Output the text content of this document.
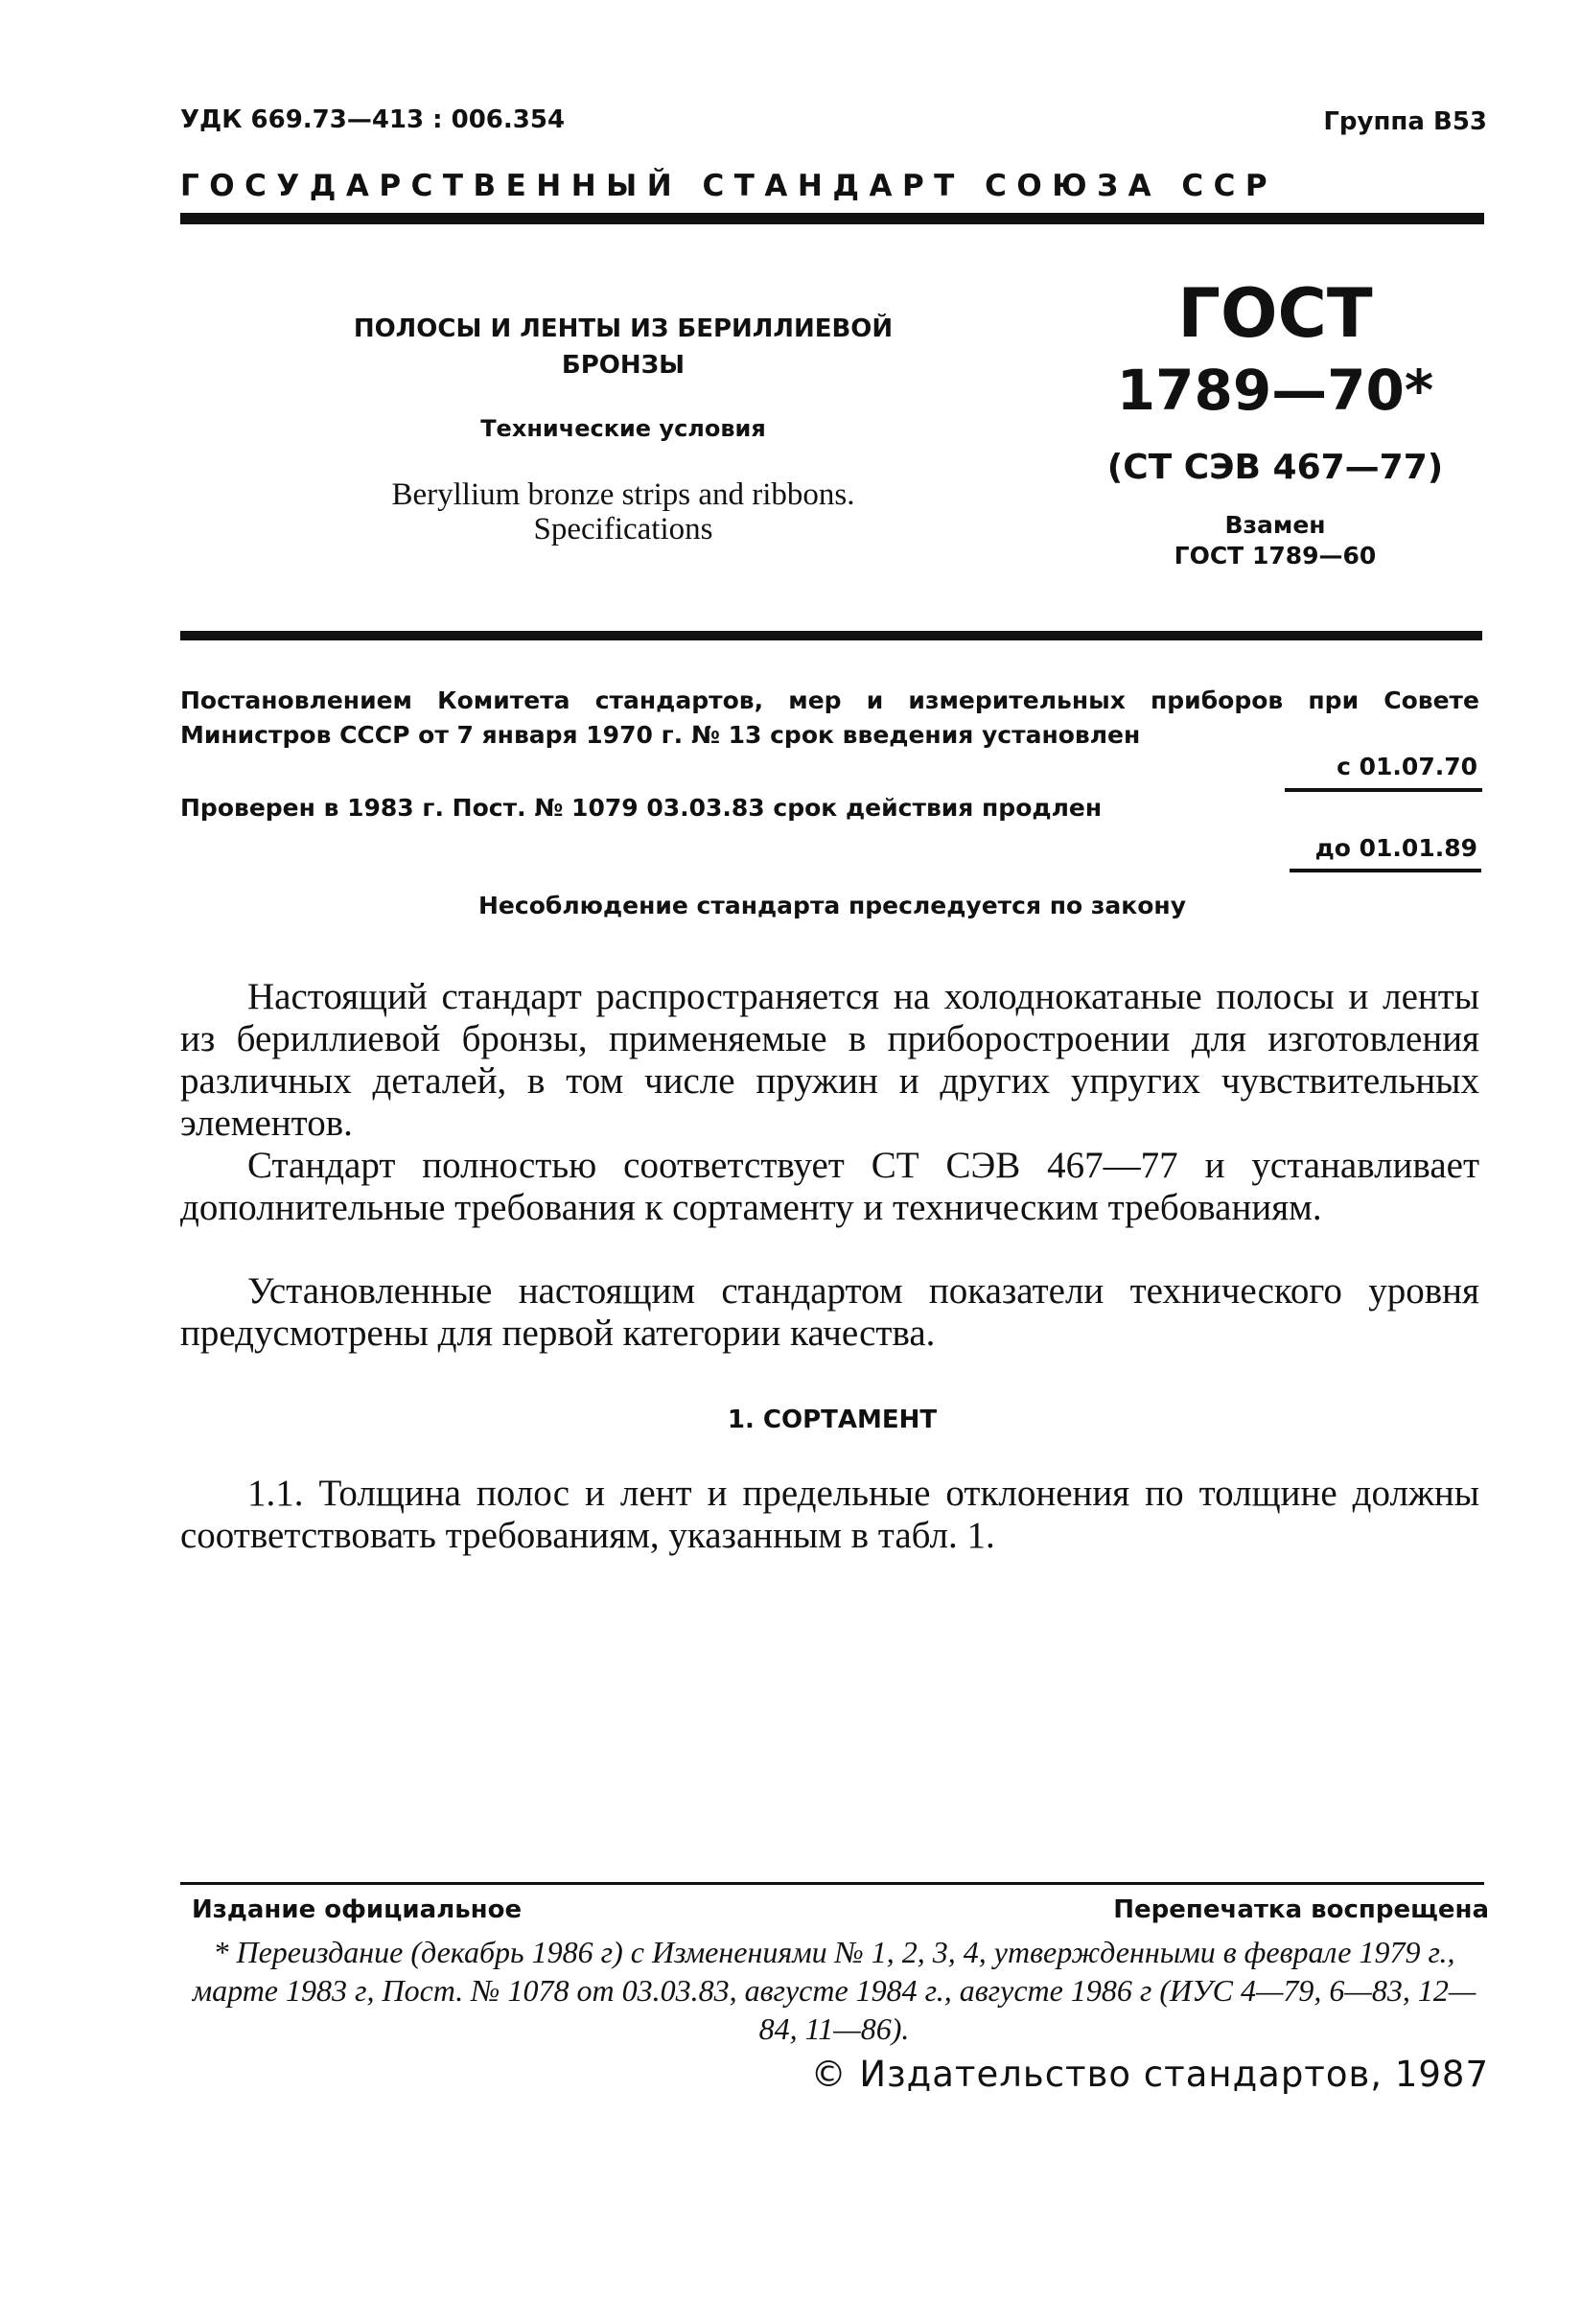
УДК 669.73—413 : 006.354	Группа В53
ГОСУДАРСТВЕННЫЙ СТАНДАРТ СОЮЗА ССР
ПОЛОСЫ И ЛЕНТЫ ИЗ БЕРИЛЛИЕВОЙ
БРОНЗЫ
Технические условия
Beryllium bronze strips and ribbons.
Specifications
ГОСТ
1789—70*
(СТ СЭВ 467—77)
Взамен
ГОСТ 1789—60
Постановлением Комитета стандартов, мер и измерительных приборов при Совете Министров СССР от 7 января 1970 г. № 13 срок введения установлен
с 01.07.70
Проверен в 1983 г. Пост. № 1079 03.03.83 срок действия продлен
до 01.01.89
Несоблюдение стандарта преследуется по закону
Настоящий стандарт распространяется на холоднокатаные полосы и ленты из бериллиевой бронзы, применяемые в приборостроении для изготовления различных деталей, в том числе пружин и других упругих чувствительных элементов.
Стандарт полностью соответствует СТ СЭВ 467—77 и устанавливает дополнительные требования к сортаменту и техническим требованиям.
Установленные настоящим стандартом показатели технического уровня предусмотрены для первой категории качества.
1. СОРТАМЕНТ
1.1. Толщина полос и лент и предельные отклонения по толщине должны соответствовать требованиям, указанным в табл. 1.
Издание официальное	Перепечатка воспрещена
* Переиздание (декабрь 1986 г) с Изменениями № 1, 2, 3, 4, утвержденными в феврале 1979 г., марте 1983 г, Пост. № 1078 от 03.03.83, августе 1984 г., августе 1986 г (ИУС 4—79, 6—83, 12—84, 11—86).
© Издательство стандартов, 1987
